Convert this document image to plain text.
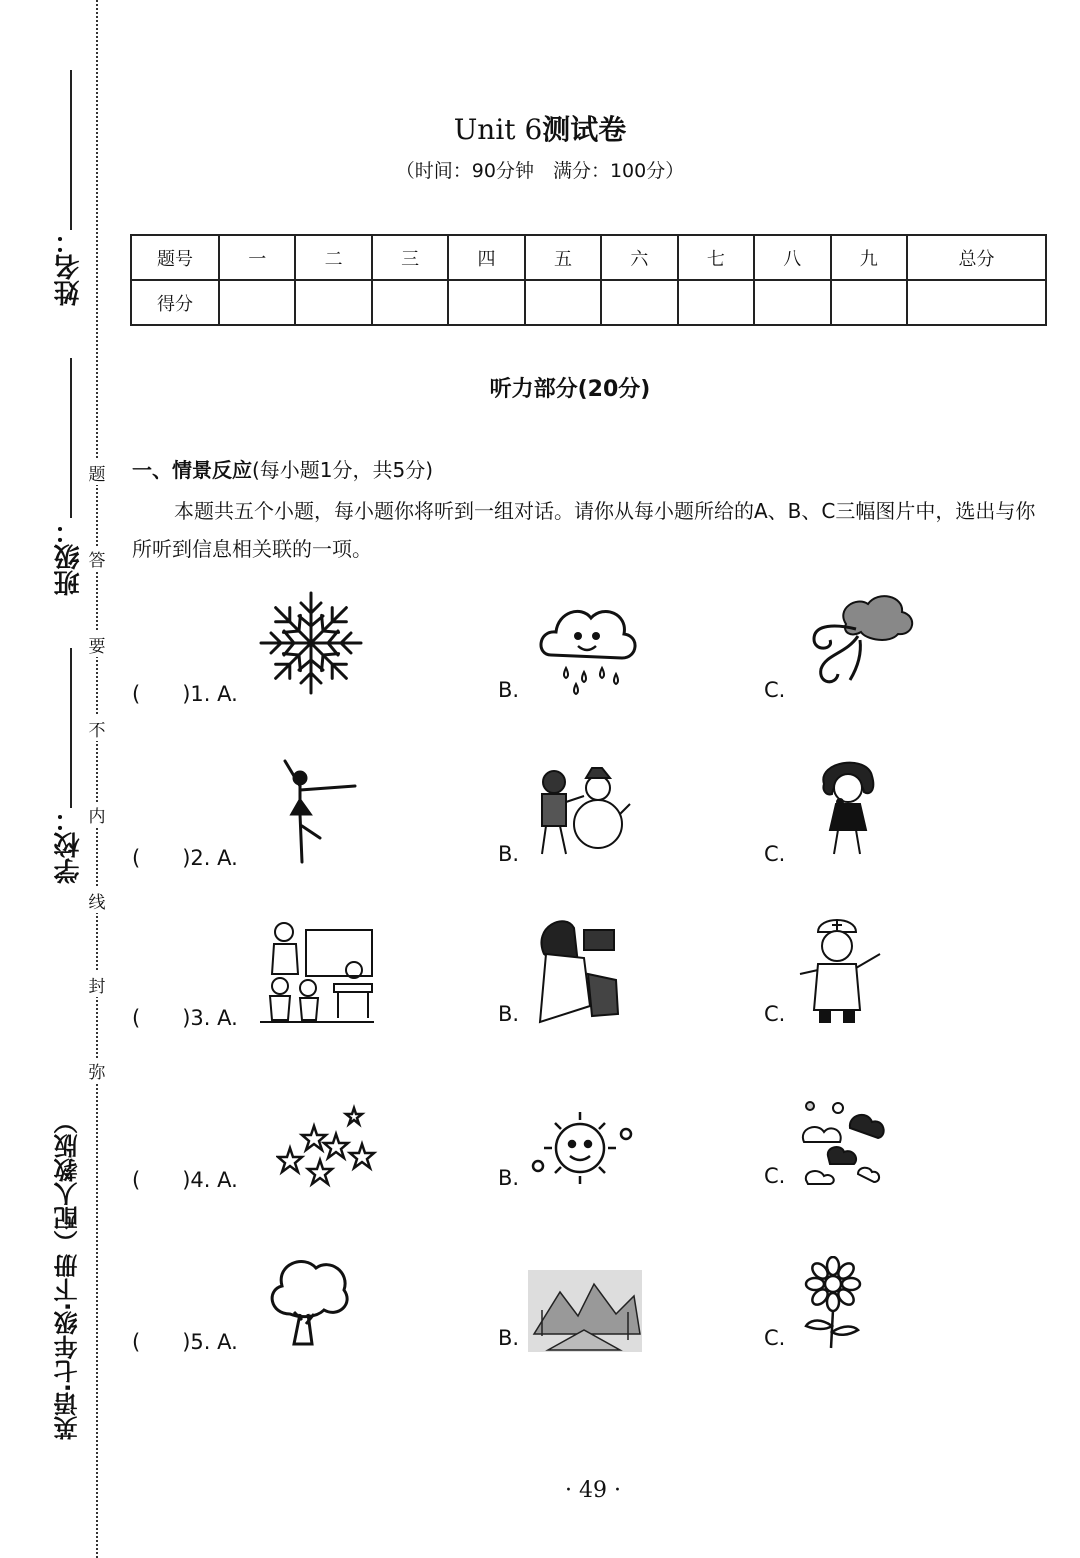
姓名：
班级：
学校：
英语·七年级·下册（配人教版）
题
答
要
不
内
线
封
弥
Unit 6测试卷
（时间：90分钟　满分：100分）
题号	一	二	三	四	五	六	七	八	九	总分
得分										
听力部分(20分)
一、情景反应(每小题1分，共5分)
本题共五个小题，每小题你将听到一组对话。请你从每小题所给的A、B、C三幅图片中，选出与你所听到信息相关联的一项。
(　　)1. A.	B.	C.
(　　)2. A.	B.	C.
(　　)3. A.	B.	C.
(　　)4. A.	B.	C.
(　　)5. A.	B.	C.
· 49 ·
